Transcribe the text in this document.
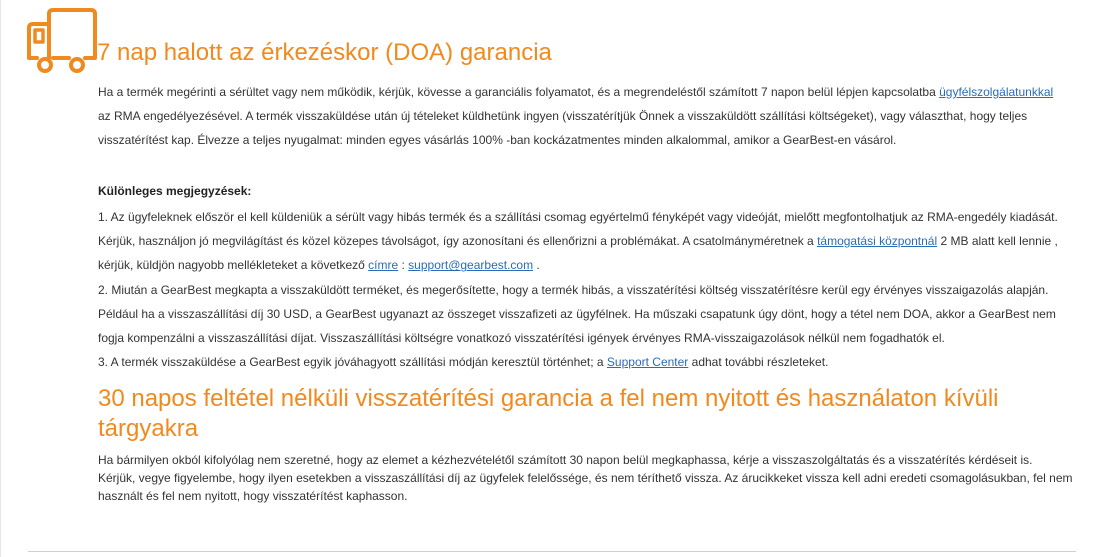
7 nap halott az érkezéskor (DOA) garancia

Ha a termék megérinti a sérültet vagy nem működik, kérjük, kövesse a garanciális folyamatot, és a megrendeléstől számított 7 napon belül lépjen kapcsolatba ügyfélszolgálatunkkal az RMA engedélyezésével. A termék visszaküldése után új tételeket küldhetünk ingyen (visszatérítjük Önnek a visszaküldött szállítási költségeket), vagy választhat, hogy teljes visszatérítést kap. Élvezze a teljes nyugalmat: minden egyes vásárlás 100% -ban kockázatmentes minden alkalommal, amikor a GearBest-en vásárol.

Különleges megjegyzések:
1. Az ügyfeleknek először el kell küldeniük a sérült vagy hibás termék és a szállítási csomag egyértelmű fényképét vagy videóját, mielőtt megfontolhatjuk az RMA-engedély kiadását.
Kérjük, használjon jó megvilágítást és közel közepes távolságot, így azonosítani és ellenőrizni a problémákat. A csatolmányméretnek a támogatási központnál 2 MB alatt kell lennie ,
kérjük, küldjön nagyobb mellékleteket a következő címre : support@gearbest.com .
2. Miután a GearBest megkapta a visszaküldött terméket, és megerősítette, hogy a termék hibás, a visszatérítési költség visszatérítésre kerül egy érvényes visszaigazolás alapján.
Például ha a visszaszállítási díj 30 USD, a GearBest ugyanazt az összeget visszafizeti az ügyfélnek. Ha műszaki csapatunk úgy dönt, hogy a tétel nem DOA, akkor a GearBest nem
fogja kompenzálni a visszaszállítási díjat. Visszaszállítási költségre vonatkozó visszatérítési igények érvényes RMA-visszaigazolások nélkül nem fogadhatók el.
3. A termék visszaküldése a GearBest egyik jóváhagyott szállítási módján keresztül történhet; a Support Center adhat további részleteket.
30 napos feltétel nélküli visszatérítési garancia a fel nem nyitott és használaton kívüli tárgyakra

Ha bármilyen okból kifolyólag nem szeretné, hogy az elemet a kézhezvételétől számított 30 napon belül megkaphassa, kérje a visszaszolgáltatás és a visszatérítés kérdéseit is. Kérjük, vegye figyelembe, hogy ilyen esetekben a visszaszállítási díj az ügyfelek felelőssége, és nem téríthető vissza. Az árucikkeket vissza kell adni eredeti csomagolásukban, fel nem használt és fel nem nyitott, hogy visszatérítést kaphasson.
